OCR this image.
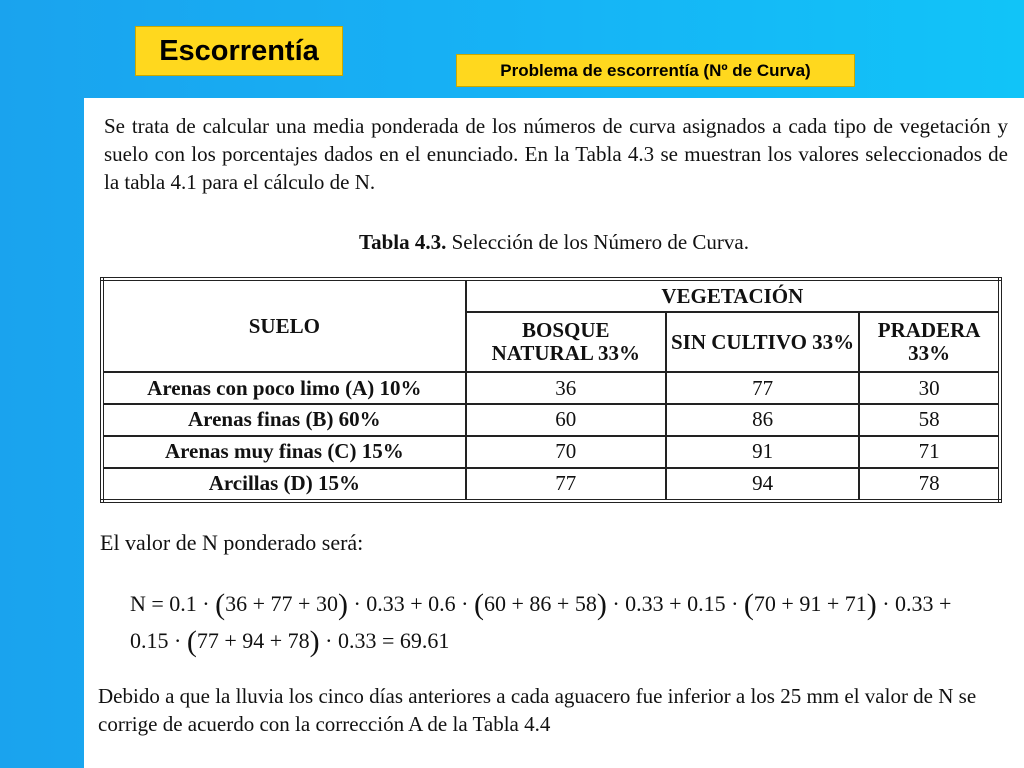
Escorrentía
Problema de escorrentía (Nº de Curva)

Se trata de calcular una media ponderada de los números de curva asignados a cada tipo de vegetación y suelo con los porcentajes dados en el enunciado. En la Tabla 4.3 se muestran los valores seleccionados de la tabla 4.1 para el cálculo de N.

Tabla 4.3. Selección de los Número de Curva.
SUELO	VEGETACIÓN		
	BOSQUE NATURAL 33%	SIN CULTIVO 33%	PRADERA 33%
Arenas con poco limo (A) 10%	36	77	30
Arenas finas (B) 60%	60	86	58
Arenas muy finas (C) 15%	70	91	71
Arcillas (D) 15%	77	94	78
El valor de N ponderado será:
N = 0.1 · (36 + 77 + 30) · 0.33 + 0.6 · (60 + 86 + 58) · 0.33 + 0.15 · (70 + 91 + 71) · 0.33 +
0.15 · (77 + 94 + 78) · 0.33 = 69.61

Debido a que la lluvia los cinco días anteriores a cada aguacero fue inferior a los 25 mm el valor de N se corrige de acuerdo con la corrección A de la Tabla 4.4
